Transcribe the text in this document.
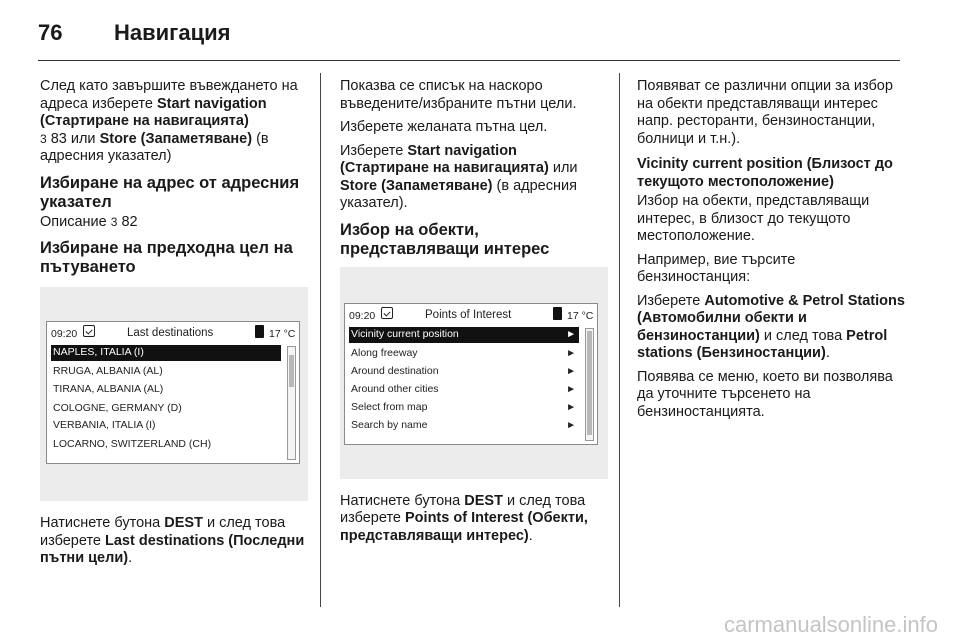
76 Навигация

След като завършите въвеждането на адреса изберете Start navigation (Стартиране на навигацията)
3 83 или Store (Запаметяване) (в адресния указател)

Избиране на адрес от адресния указател

Описание 3 82

Избиране на предходна цел на пътуването
09:20	Last destinations	17 °C
NAPLES, ITALIA (I)
RRUGA, ALBANIA (AL)
TIRANA, ALBANIA (AL)
COLOGNE, GERMANY (D)
VERBANIA, ITALIA (I)
LOCARNO, SWITZERLAND (CH)

Натиснете бутона DEST и след това изберете Last destinations (Последни пътни цели).

Показва се списък на наскоро въведените/избраните пътни цели.

Изберете желаната пътна цел.

Изберете Start navigation (Стартиране на навигацията) или Store (Запаметяване) (в адресния указател).

Избор на обекти, представляващи интерес
09:20	Points of Interest	17 °C
Vicinity current position	►
Along freeway	►
Around destination	►
Around other cities	►
Select from map	►
Search by name	►

Натиснете бутона DEST и след това изберете Points of Interest (Обекти, представляващи интерес).

Появяват се различни опции за избор на обекти представляващи интерес напр. ресторанти, бензиностанции, болници и т.н.).

Vicinity current position (Близост до текущото местоположение)

Избор на обекти, представляващи интерес, в близост до текущото местоположение.

Например, вие търсите бензиностанция:

Изберете Automotive & Petrol Stations (Автомобилни обекти и бензиностанции) и след това Petrol stations (Бензиностанции).

Появява се меню, което ви позволява да уточните търсенето на бензиностанцията.

carmanualsonline.info
